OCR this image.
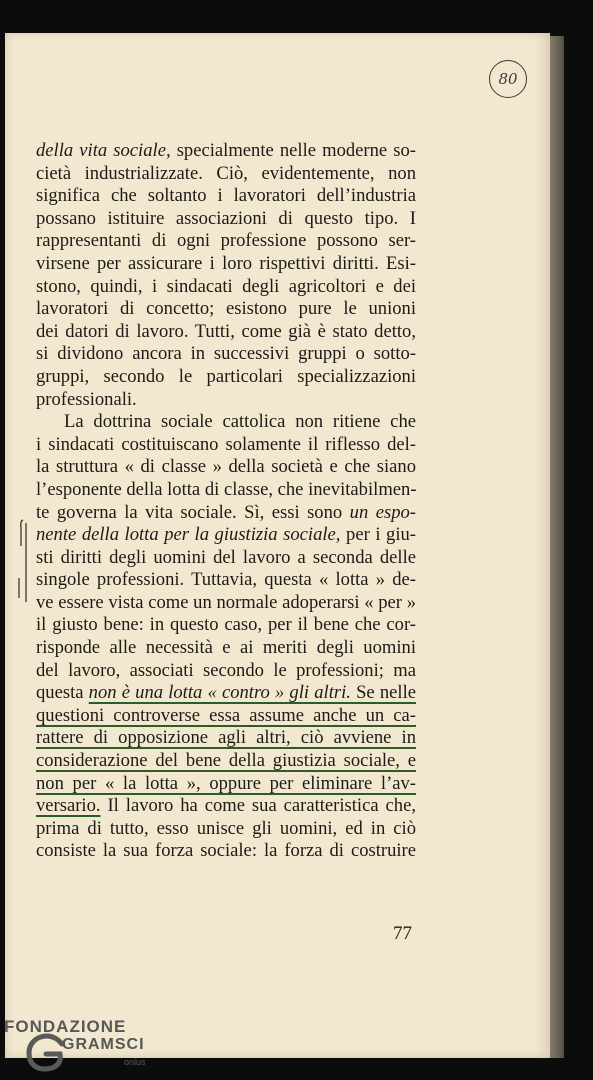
80
della vita sociale, specialmente nelle moderne so-
cietà industrializzate. Ciò, evidentemente, non
significa che soltanto i lavoratori dell’industria
possano istituire associazioni di questo tipo. I
rappresentanti di ogni professione possono ser-
virsene per assicurare i loro rispettivi diritti. Esi-
stono, quindi, i sindacati degli agricoltori e dei
lavoratori di concetto; esistono pure le unioni
dei datori di lavoro. Tutti, come già è stato detto,
si dividono ancora in successivi gruppi o sotto-
gruppi, secondo le particolari specializzazioni
professionali.
La dottrina sociale cattolica non ritiene che
i sindacati costituiscano solamente il riflesso del-
la struttura « di classe » della società e che siano
l’esponente della lotta di classe, che inevitabilmen-
te governa la vita sociale. Sì, essi sono un espo-
nente della lotta per la giustizia sociale, per i giu-
sti diritti degli uomini del lavoro a seconda delle
singole professioni. Tuttavia, questa « lotta » de-
ve essere vista come un normale adoperarsi « per »
il giusto bene: in questo caso, per il bene che cor-
risponde alle necessità e ai meriti degli uomini
del lavoro, associati secondo le professioni; ma
questa non è una lotta « contro » gli altri. Se nelle
questioni controverse essa assume anche un ca-
rattere di opposizione agli altri, ciò avviene in
considerazione del bene della giustizia sociale, e
non per « la lotta », oppure per eliminare l’av-
versario. Il lavoro ha come sua caratteristica che,
prima di tutto, esso unisce gli uomini, ed in ciò
consiste la sua forza sociale: la forza di costruire
77
FONDAZIONE
GRAMSCI
onlus
